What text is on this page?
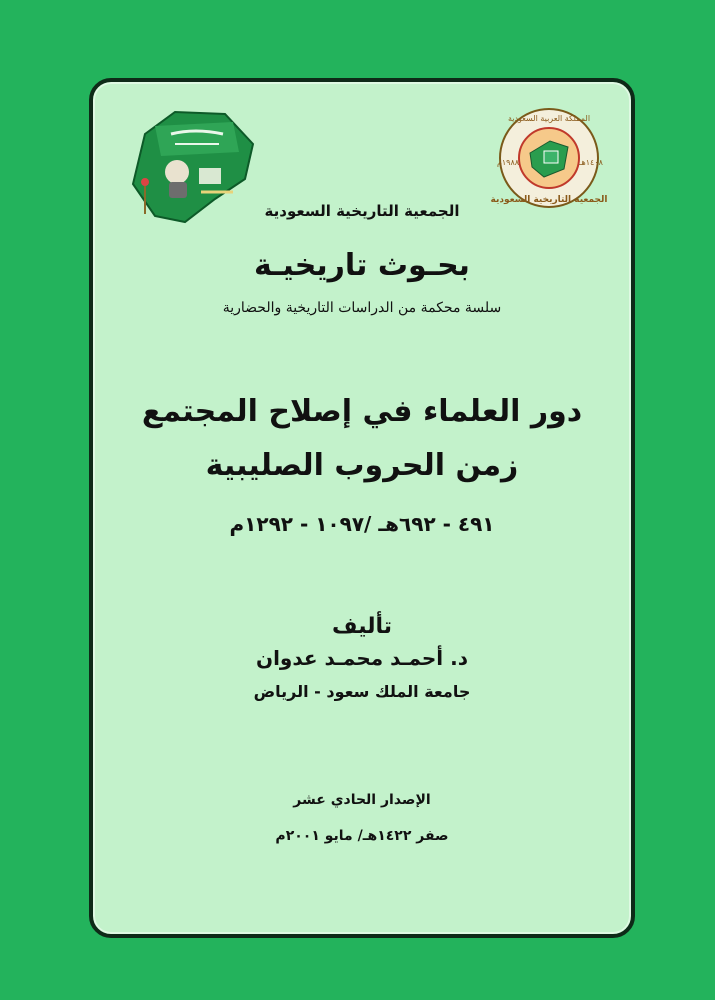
المملكة العربية السعودية
الجمعية التاريخية السعودية
١٤٠٨هـ
١٩٨٨م
الجمعية التاريخية السعودية
بحـوث تاريخيـة
سلسة محكمة من الدراسات التاريخية والحضارية
دور العلماء في إصلاح المجتمع
زمن الحروب الصليبية
٤٩١ - ٦٩٢هـ /١٠٩٧ - ١٢٩٢م
تأليف
د. أحمـد محمـد عدوان
جامعة الملك سعود - الرياض
الإصدار الحادي عشر
صفر ١٤٢٢هـ/ مايو ٢٠٠١م
